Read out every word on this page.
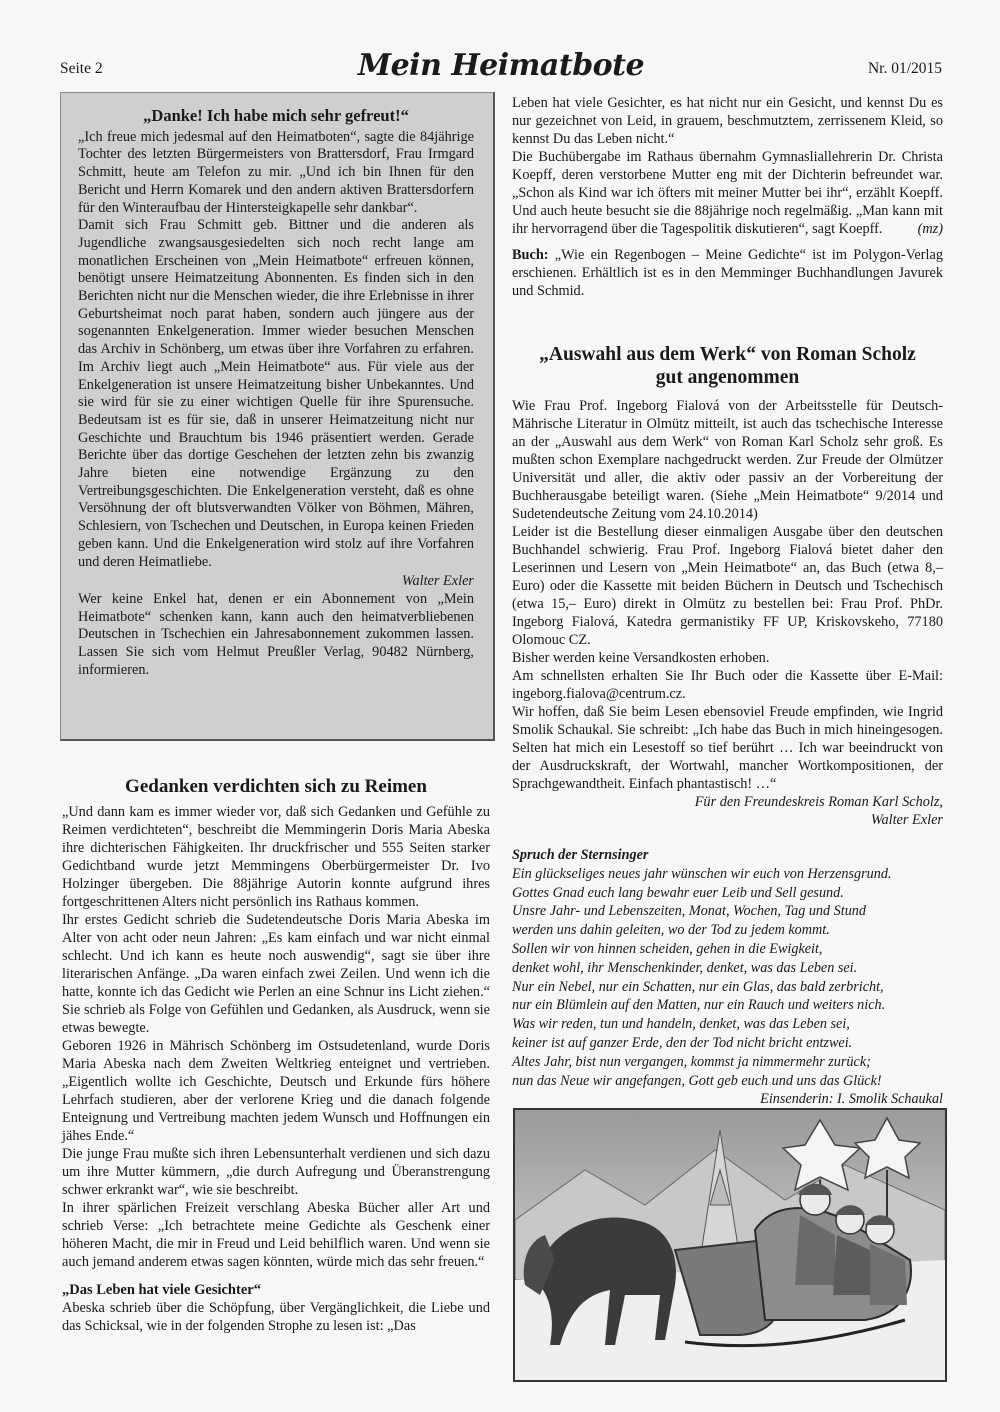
Seite 2	Mein Heimatbote	Nr. 01/2015

„Danke! Ich habe mich sehr gefreut!“

„Ich freue mich jedesmal auf den Heimatboten“, sagte die 84jährige Tochter des letzten Bürgermeisters von Brattersdorf, Frau Irmgard Schmitt, heute am Telefon zu mir. „Und ich bin Ihnen für den Bericht und Herrn Komarek und den andern aktiven Brattersdorfern für den Winteraufbau der Hintersteigkapelle sehr dankbar“.

Damit sich Frau Schmitt geb. Bittner und die anderen als Jugendliche zwangsausgesiedelten sich noch recht lange am monatlichen Erscheinen von „Mein Heimatbote“ erfreuen können, benötigt unsere Heimatzeitung Abonnenten. Es finden sich in den Berichten nicht nur die Menschen wieder, die ihre Erlebnisse in ihrer Geburtsheimat noch parat haben, sondern auch jüngere aus der sogenannten Enkelgeneration. Immer wieder besuchen Menschen das Archiv in Schönberg, um etwas über ihre Vorfahren zu erfahren. Im Archiv liegt auch „Mein Heimatbote“ aus. Für viele aus der Enkelgeneration ist unsere Heimatzeitung bisher Unbekanntes. Und sie wird für sie zu einer wichtigen Quelle für ihre Spurensuche. Bedeutsam ist es für sie, daß in unserer Heimatzeitung nicht nur Geschichte und Brauchtum bis 1946 präsentiert werden. Gerade Berichte über das dortige Geschehen der letzten zehn bis zwanzig Jahre bieten eine notwendige Ergänzung zu den Vertreibungsgeschichten. Die Enkelgeneration versteht, daß es ohne Versöhnung der oft blutsverwandten Völker von Böhmen, Mähren, Schlesiern, von Tschechen und Deutschen, in Europa keinen Frieden geben kann. Und die Enkelgeneration wird stolz auf ihre Vorfahren und deren Heimatliebe.

Walter Exler

Wer keine Enkel hat, denen er ein Abonnement von „Mein Heimatbote“ schenken kann, kann auch den heimatverbliebenen Deutschen in Tschechien ein Jahresabonnement zukommen lassen. Lassen Sie sich vom Helmut Preußler Verlag, 90482 Nürnberg, informieren.

Gedanken verdichten sich zu Reimen

„Und dann kam es immer wieder vor, daß sich Gedanken und Gefühle zu Reimen verdichteten“, beschreibt die Memmingerin Doris Maria Abeska ihre dichterischen Fähigkeiten. Ihr druckfrischer und 555 Seiten starker Gedichtband wurde jetzt Memmingens Oberbürgermeister Dr. Ivo Holzinger übergeben. Die 88jährige Autorin konnte aufgrund ihres fortgeschrittenen Alters nicht persönlich ins Rathaus kommen.

Ihr erstes Gedicht schrieb die Sudetendeutsche Doris Maria Abeska im Alter von acht oder neun Jahren: „Es kam einfach und war nicht einmal schlecht. Und ich kann es heute noch auswendig“, sagt sie über ihre literarischen Anfänge. „Da waren einfach zwei Zeilen. Und wenn ich die hatte, konnte ich das Gedicht wie Perlen an eine Schnur ins Licht ziehen.“ Sie schrieb als Folge von Gefühlen und Gedanken, als Ausdruck, wenn sie etwas bewegte.

Geboren 1926 in Mährisch Schönberg im Ostsudetenland, wurde Doris Maria Abeska nach dem Zweiten Weltkrieg enteignet und vertrieben. „Eigentlich wollte ich Geschichte, Deutsch und Erkunde fürs höhere Lehrfach studieren, aber der verlorene Krieg und die danach folgende Enteignung und Vertreibung machten jedem Wunsch und Hoffnungen ein jähes Ende.“

Die junge Frau mußte sich ihren Lebensunterhalt verdienen und sich dazu um ihre Mutter kümmern, „die durch Aufregung und Überanstrengung schwer erkrankt war“, wie sie beschreibt.

In ihrer spärlichen Freizeit verschlang Abeska Bücher aller Art und schrieb Verse: „Ich betrachtete meine Gedichte als Geschenk einer höheren Macht, die mir in Freud und Leid behilflich waren. Und wenn sie auch jemand anderem etwas sagen könnten, würde mich das sehr freuen.“

„Das Leben hat viele Gesichter“

Abeska schrieb über die Schöpfung, über Vergänglichkeit, die Liebe und das Schicksal, wie in der folgenden Strophe zu lesen ist: „Das

Leben hat viele Gesichter, es hat nicht nur ein Gesicht, und kennst Du es nur gezeichnet von Leid, in grauem, beschmutztem, zerrissenem Kleid, so kennst Du das Leben nicht.“

Die Buchübergabe im Rathaus übernahm Gymnasliallehrerin Dr. Christa Koepff, deren verstorbene Mutter eng mit der Dichterin befreundet war. „Schon als Kind war ich öfters mit meiner Mutter bei ihr“, erzählt Koepff. Und auch heute besucht sie die 88jährige noch regelmäßig. „Man kann mit ihr hervorragend über die Tagespolitik diskutieren“, sagt Koepff. (mz)

Buch: „Wie ein Regenbogen – Meine Gedichte“ ist im Polygon-Verlag erschienen. Erhältlich ist es in den Memminger Buchhandlungen Javurek und Schmid.

„Auswahl aus dem Werk“ von Roman Scholz
gut angenommen

Wie Frau Prof. Ingeborg Fialová von der Arbeitsstelle für Deutsch-Mährische Literatur in Olmütz mitteilt, ist auch das tschechische Interesse an der „Auswahl aus dem Werk“ von Roman Karl Scholz sehr groß. Es mußten schon Exemplare nachgedruckt werden. Zur Freude der Olmützer Universität und aller, die aktiv oder passiv an der Vorbereitung der Buchherausgabe beteiligt waren. (Siehe „Mein Heimatbote“ 9/2014 und Sudetendeutsche Zeitung vom 24.10.2014)

Leider ist die Bestellung dieser einmaligen Ausgabe über den deutschen Buchhandel schwierig. Frau Prof. Ingeborg Fialová bietet daher den Leserinnen und Lesern von „Mein Heimatbote“ an, das Buch (etwa 8,– Euro) oder die Kassette mit beiden Büchern in Deutsch und Tschechisch (etwa 15,– Euro) direkt in Olmütz zu bestellen bei: Frau Prof. PhDr. Ingeborg Fialová, Katedra germanistiky FF UP, Kriskovskeho, 77180 Olomouc CZ.

Bisher werden keine Versandkosten erhoben.

Am schnellsten erhalten Sie Ihr Buch oder die Kassette über E-Mail: ingeborg.fialova@centrum.cz.

Wir hoffen, daß Sie beim Lesen ebensoviel Freude empfinden, wie Ingrid Smolik Schaukal. Sie schreibt: „Ich habe das Buch in mich hineingesogen. Selten hat mich ein Lesestoff so tief berührt … Ich war beeindruckt von der Ausdruckskraft, der Wortwahl, mancher Wortkompositionen, der Sprachgewandtheit. Einfach phantastisch! …“

Für den Freundeskreis Roman Karl Scholz,

Walter Exler

Spruch der Sternsinger

Ein glückseliges neues jahr wünschen wir euch von Herzensgrund.

Gottes Gnad euch lang bewahr euer Leib und Sell gesund.

Unsre Jahr- und Lebenszeiten, Monat, Wochen, Tag und Stund

werden uns dahin geleiten, wo der Tod zu jedem kommt.

Sollen wir von hinnen scheiden, gehen in die Ewigkeit,

denket wohl, ihr Menschenkinder, denket, was das Leben sei.

Nur ein Nebel, nur ein Schatten, nur ein Glas, das bald zerbricht,

nur ein Blümlein auf den Matten, nur ein Rauch und weiters nich.

Was wir reden, tun und handeln, denket, was das Leben sei,

keiner ist auf ganzer Erde, den der Tod nicht bricht entzwei.

Altes Jahr, bist nun vergangen, kommst ja nimmermehr zurück;

nun das Neue wir angefangen, Gott geb euch und uns das Glück!

Einsenderin: I. Smolik Schaukal
